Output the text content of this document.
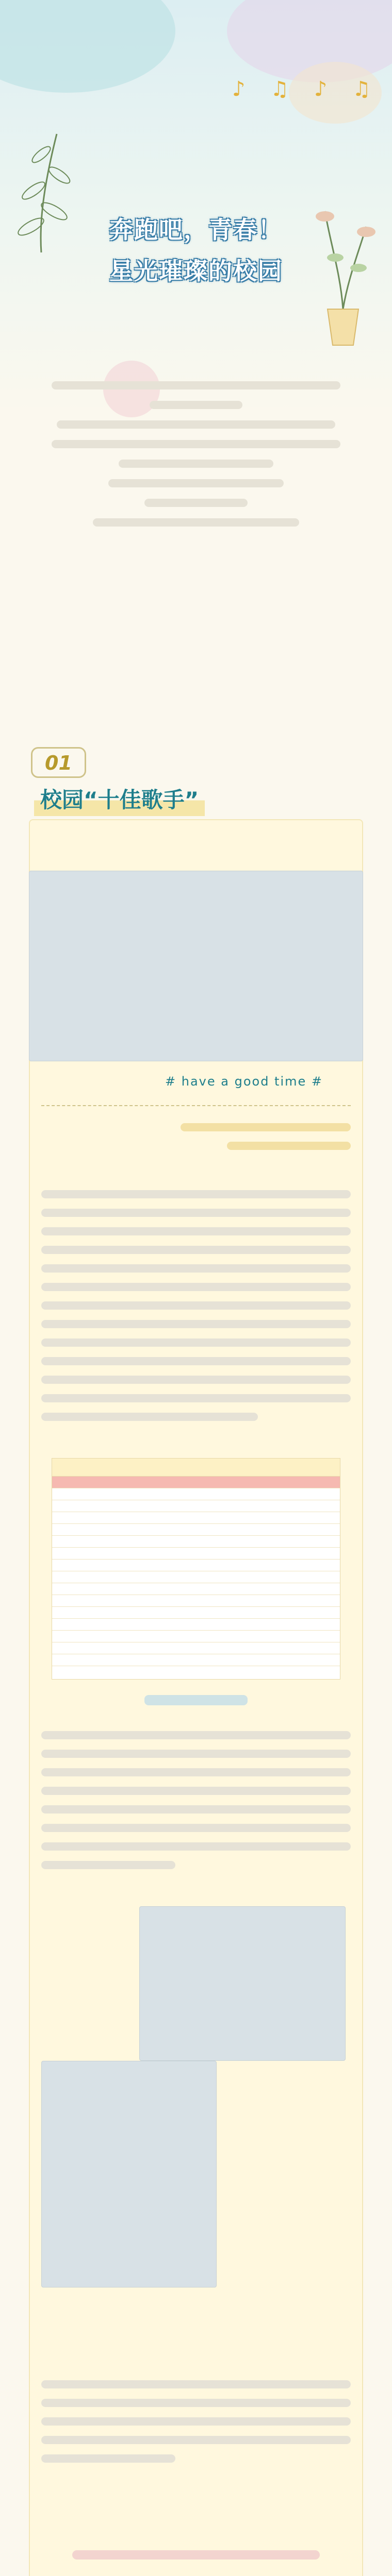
♪ ♫ ♪ ♫
奔跑吧，青春！
星光璀璨的校园
01
校园“十佳歌手”
# have a good time #
